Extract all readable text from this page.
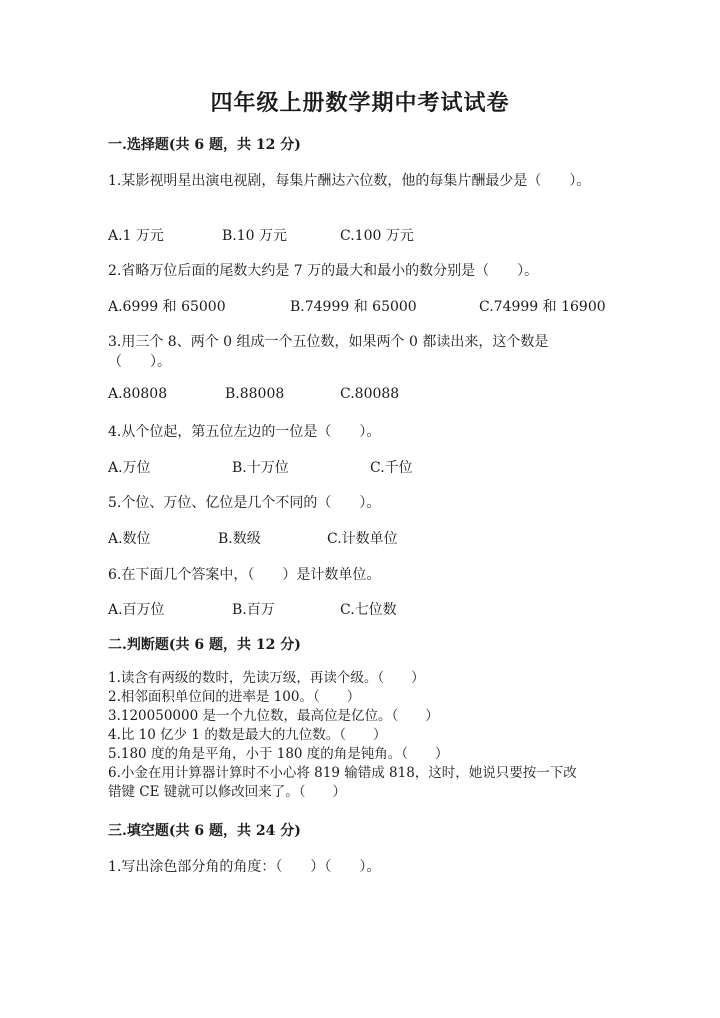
四年级上册数学期中考试试卷
一.选择题(共 6 题，共 12 分)
1.某影视明星出演电视剧，每集片酬达六位数，他的每集片酬最少是（　　）。
A.1 万元	B.10 万元	C.100 万元
2.省略万位后面的尾数大约是 7 万的最大和最小的数分别是（　　）。
A.6999 和 65000	B.74999 和 65000	C.74999 和 16900
3.用三个 8、两个 0 组成一个五位数，如果两个 0 都读出来，这个数是
（　　）。
A.80808	B.88008	C.80088
4.从个位起，第五位左边的一位是（　　）。
A.万位	B.十万位	C.千位
5.个位、万位、亿位是几个不同的（　　）。
A.数位	B.数级	C.计数单位
6.在下面几个答案中，（　　）是计数单位。
A.百万位	B.百万	C.七位数
二.判断题(共 6 题，共 12 分)
1.读含有两级的数时，先读万级，再读个级。（　　）
2.相邻面积单位间的进率是 100。（　　）
3.120050000 是一个九位数，最高位是亿位。（　　）
4.比 10 亿少 1 的数是最大的九位数。（　　）
5.180 度的角是平角，小于 180 度的角是钝角。（　　）
6.小金在用计算器计算时不小心将 819 输错成 818，这时，她说只要按一下改
错键 CE 键就可以修改回来了。（　　）
三.填空题(共 6 题，共 24 分)
1.写出涂色部分角的角度：（　　）（　　）。
